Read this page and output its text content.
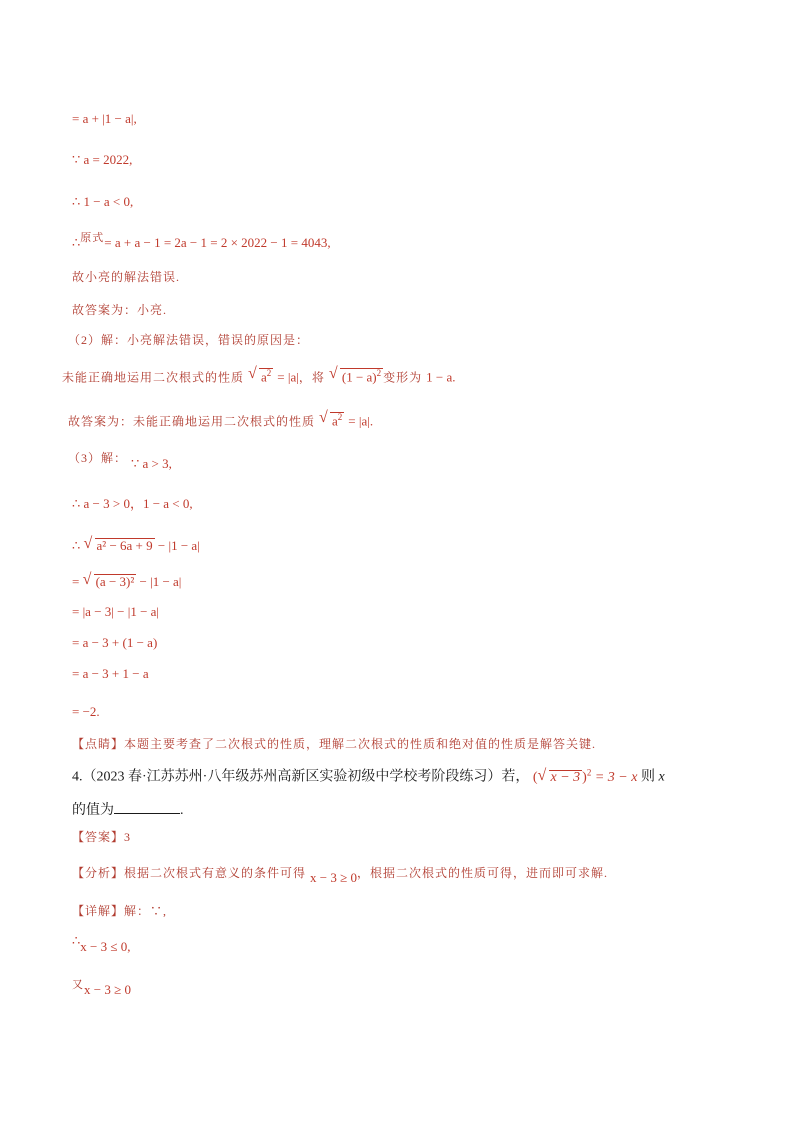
= a + |1 − a|,
∵ a = 2022,
∴ 1 − a < 0,
∴$^{原式}$= a + a − 1 = 2a − 1 = 2 × 2022 − 1 = 4043,
故小亮的解法错误.
故答案为：小亮.
（2）解：小亮解法错误，错误的原因是：
未能正确地运用二次根式的性质 √ $a^2 = |a|$，将 √ $(1 - a)^2$ 变形为 1 − a.
故答案为：未能正确地运用二次根式的性质 √ $a^2 = |a|$.
（3）解： $_{\because a > 3,}$
∴ a − 3 > 0，1 − a < 0,
∴ √ a² − 6a + 9 − |1 − a|
= √ (a − 3)² − |1 − a|
= |a − 3| − |1 − a|
= a − 3 + (1 − a)
= a − 3 + 1 − a
= −2.
【点睛】本题主要考查了二次根式的性质，理解二次根式的性质和绝对值的性质是解答关键.
4.（2023 春·江苏苏州·八年级苏州高新区实验初级中学校考阶段练习）若， ( √ x − 3 )$^2$ = 3 − x 则 x
的值为	.
【答案】3
【分析】根据二次根式有意义的条件可得 $_{x - 3 \ge 0}$，根据二次根式的性质可得，进而即可求解.
【详解】解：∵,
∴x − 3 ≤ 0,
$^又$x − 3 ≥ 0
